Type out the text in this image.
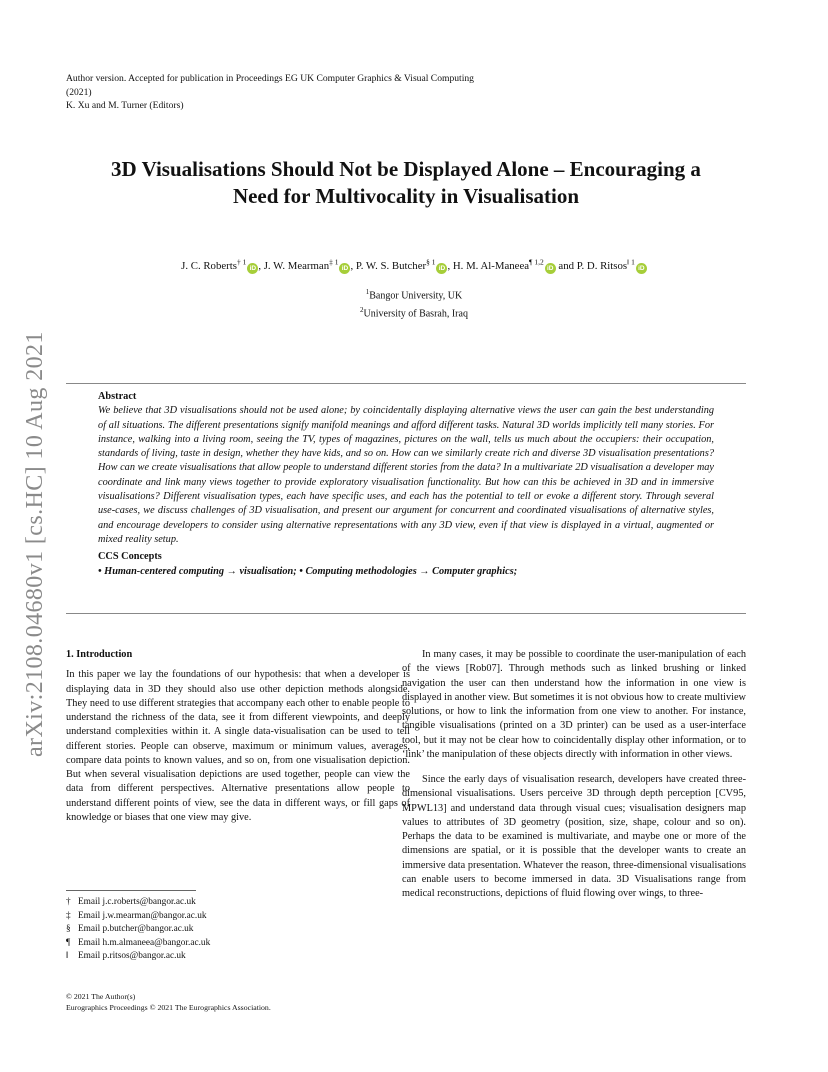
Author version. Accepted for publication in Proceedings EG UK Computer Graphics & Visual Computing
(2021)
K. Xu and M. Turner (Editors)
3D Visualisations Should Not be Displayed Alone – Encouraging a
Need for Multivocality in Visualisation
J. C. Roberts$^{\dagger 1}$iD , J. W. Mearman$^{\ddagger 1}$iD , P. W. S. Butcher$^{\S 1}$iD , H. M. Al-Maneea$^{\P 1,2}$iD and P. D. Ritsos$^{‖ 1}$iD
$^1$Bangor University, UK
$^2$University of Basrah, Iraq
arXiv:2108.04680v1 [cs.HC] 10 Aug 2021	Abstract
We believe that 3D visualisations should not be used alone; by coincidentally displaying alternative views the user can gain the best understanding of all situations. The different presentations signify manifold meanings and afford different tasks. Natural 3D worlds implicitly tell many stories. For instance, walking into a living room, seeing the TV, types of magazines, pictures on the wall, tells us much about the occupiers: their occupation, standards of living, taste in design, whether they have kids, and so on. How can we similarly create rich and diverse 3D visualisation presentations? How can we create visualisations that allow people to understand different stories from the data? In a multivariate 2D visualisation a developer may coordinate and link many views together to provide exploratory visualisation functionality. But how can this be achieved in 3D and in immersive visualisations? Different visualisation types, each have specific uses, and each has the potential to tell or evoke a different story. Through several use-cases, we discuss challenges of 3D visualisation, and present our argument for concurrent and coordinated visualisations of alternative styles, and encourage developers to consider using alternative representations with any 3D view, even if that view is displayed in a virtual, augmented or mixed reality setup.
CCS Concepts
• Human-centered computing → visualisation; • Computing methodologies → Computer graphics;
1. Introduction

In this paper we lay the foundations of our hypothesis: that when a developer is displaying data in 3D they should also use other depiction methods alongside. They need to use different strategies that accompany each other to enable people to understand the richness of the data, see it from different viewpoints, and deeply understand complexities within it. A single data-visualisation can be used to tell different stories. People can observe, maximum or minimum values, averages, compare data points to known values, and so on, from one visualisation depiction. But when several visualisation depictions are used together, people can view the data from different perspectives. Alternative presentations allow people to understand different points of view, see the data in different ways, or fill gaps of knowledge or biases that one view may give.

In many cases, it may be possible to coordinate the user-manipulation of each of the views [Rob07]. Through methods such as linked brushing or linked navigation the user can then understand how the information in one view is displayed in another view. But sometimes it is not obvious how to create multiview solutions, or how to link the information from one view to another. For instance, tangible visualisations (printed on a 3D printer) can be used as a user-interface tool, but it may not be clear how to coincidentally display other information, or to ‘link’ the manipulation of these objects directly with information in other views.

Since the early days of visualisation research, developers have created three-dimensional visualisations. Users perceive 3D through depth perception [CV95, MPWL13] and understand data through visual cues; visualisation designers map values to attributes of 3D geometry (position, size, shape, colour and so on). Perhaps the data to be examined is multivariate, and maybe one or more of the dimensions are spatial, or it is possible that the developer wants to create an immersive data presentation. Whatever the reason, three-dimensional visualisations can enable users to become immersed in data. 3D Visualisations range from medical reconstructions, depictions of fluid flowing over wings, to three-

† Email j.c.roberts@bangor.ac.uk
‡ Email j.w.mearman@bangor.ac.uk
§ Email p.butcher@bangor.ac.uk
¶ Email h.m.almaneea@bangor.ac.uk
‖ Email p.ritsos@bangor.ac.uk
© 2021 The Author(s)
Eurographics Proceedings © 2021 The Eurographics Association.
